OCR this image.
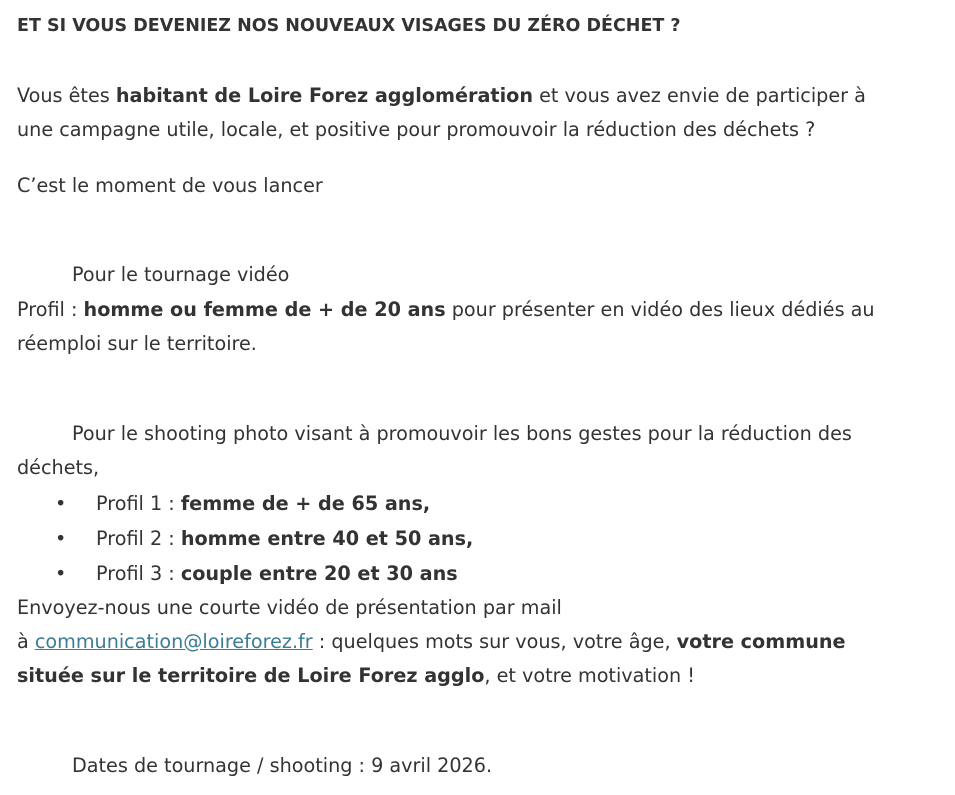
ET SI VOUS DEVENIEZ NOS NOUVEAUX VISAGES DU ZÉRO DÉCHET ?

Vous êtes habitant de Loire Forez agglomération et vous avez envie de participer à une campagne utile, locale, et positive pour promouvoir la réduction des déchets ?

C’est le moment de vous lancer

Pour le tournage vidéo

Profil : homme ou femme de + de 20 ans pour présenter en vidéo des lieux dédiés au réemploi sur le territoire.

Pour le shooting photo visant à promouvoir les bons gestes pour la réduction des déchets,

• Profil 1 : femme de + de 65 ans,
• Profil 2 : homme entre 40 et 50 ans,
• Profil 3 : couple entre 20 et 30 ans

Envoyez-nous une courte vidéo de présentation par mail

à communication@loireforez.fr : quelques mots sur vous, votre âge, votre commune située sur le territoire de Loire Forez agglo, et votre motivation !

Dates de tournage / shooting : 9 avril 2026.
